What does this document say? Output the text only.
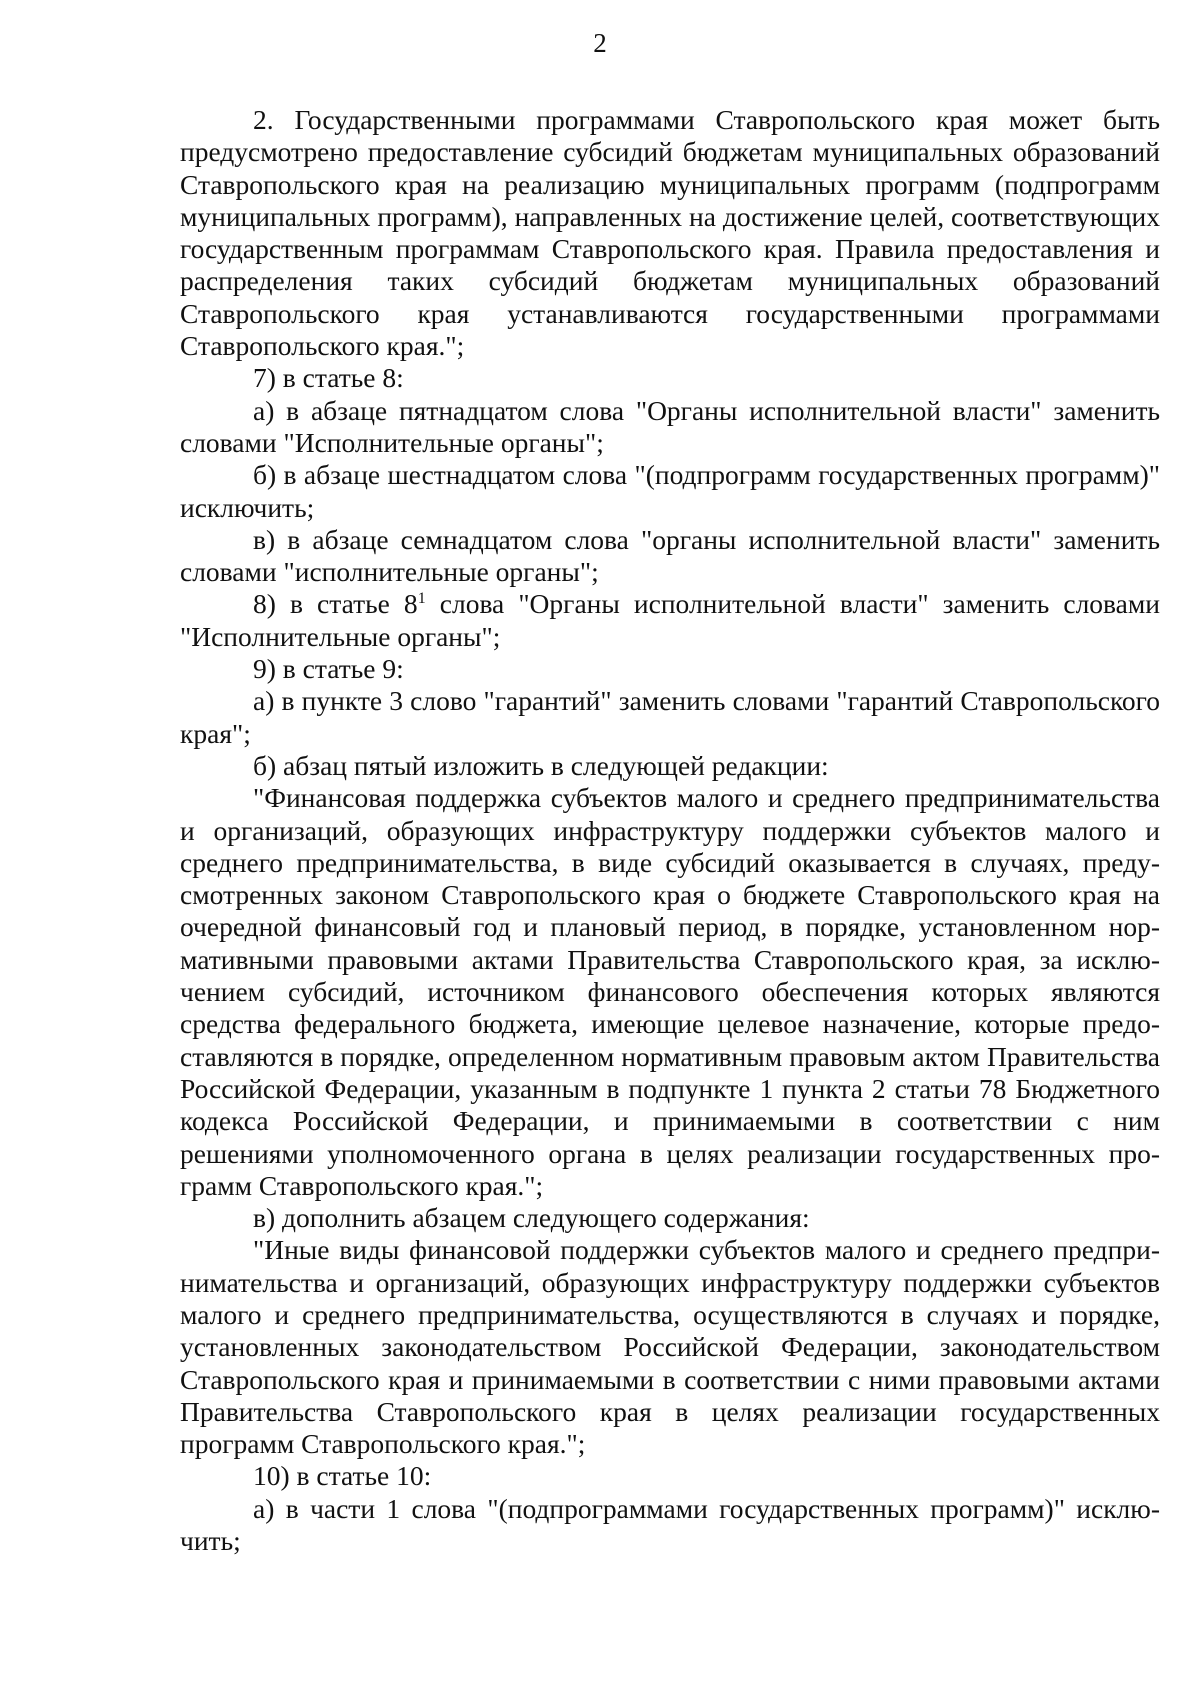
2

2. Государственными программами Ставропольского края может быть предусмотрено предоставление субсидий бюджетам муниципальных образований Ставропольского края на реализацию муниципальных программ (подпрограмм муниципальных программ), направленных на достижение целей, соответствующих государственным программам Ставропольского края. Правила предоставления и распределения таких субсидий бюджетам муниципальных образований Ставропольского края устанавливаются государственными программами Ставропольского края.";

7) в статье 8:

а) в абзаце пятнадцатом слова "Органы исполнительной власти" заменить словами "Исполнительные органы";

б) в абзаце шестнадцатом слова "(подпрограмм государственных программ)" исключить;

в) в абзаце семнадцатом слова "органы исполнительной власти" заменить словами "исполнительные органы";

8) в статье $8^1$ слова "Органы исполнительной власти" заменить словами "Исполнительные органы";

9) в статье 9:

а) в пункте 3 слово "гарантий" заменить словами "гарантий Ставропольского края";

б) абзац пятый изложить в следующей редакции:

"Финансовая поддержка субъектов малого и среднего предпринимательства и организаций, образующих инфраструктуру поддержки субъектов малого и среднего предпринимательства, в виде субсидий оказывается в случаях, предусмотренных законом Ставропольского края о бюджете Ставропольского края на очередной финансовый год и плановый период, в порядке, установленном нормативными правовыми актами Правительства Ставропольского края, за исключением субсидий, источником финансового обеспечения которых являются средства федерального бюджета, имеющие целевое назначение, которые предоставляются в порядке, определенном нормативным правовым актом Правительства Российской Федерации, указанным в подпункте 1 пункта 2 статьи 78 Бюджетного кодекса Российской Федерации, и принимаемыми в соответствии с ним решениями уполномоченного органа в целях реализации государственных программ Ставропольского края.";

в) дополнить абзацем следующего содержания:

"Иные виды финансовой поддержки субъектов малого и среднего предпринимательства и организаций, образующих инфраструктуру поддержки субъектов малого и среднего предпринимательства, осуществляются в случаях и порядке, установленных законодательством Российской Федерации, законодательством Ставропольского края и принимаемыми в соответствии с ними правовыми актами Правительства Ставропольского края в целях реализации государственных программ Ставропольского края.";

10) в статье 10:

а) в части 1 слова "(подпрограммами государственных программ)" исключить;
